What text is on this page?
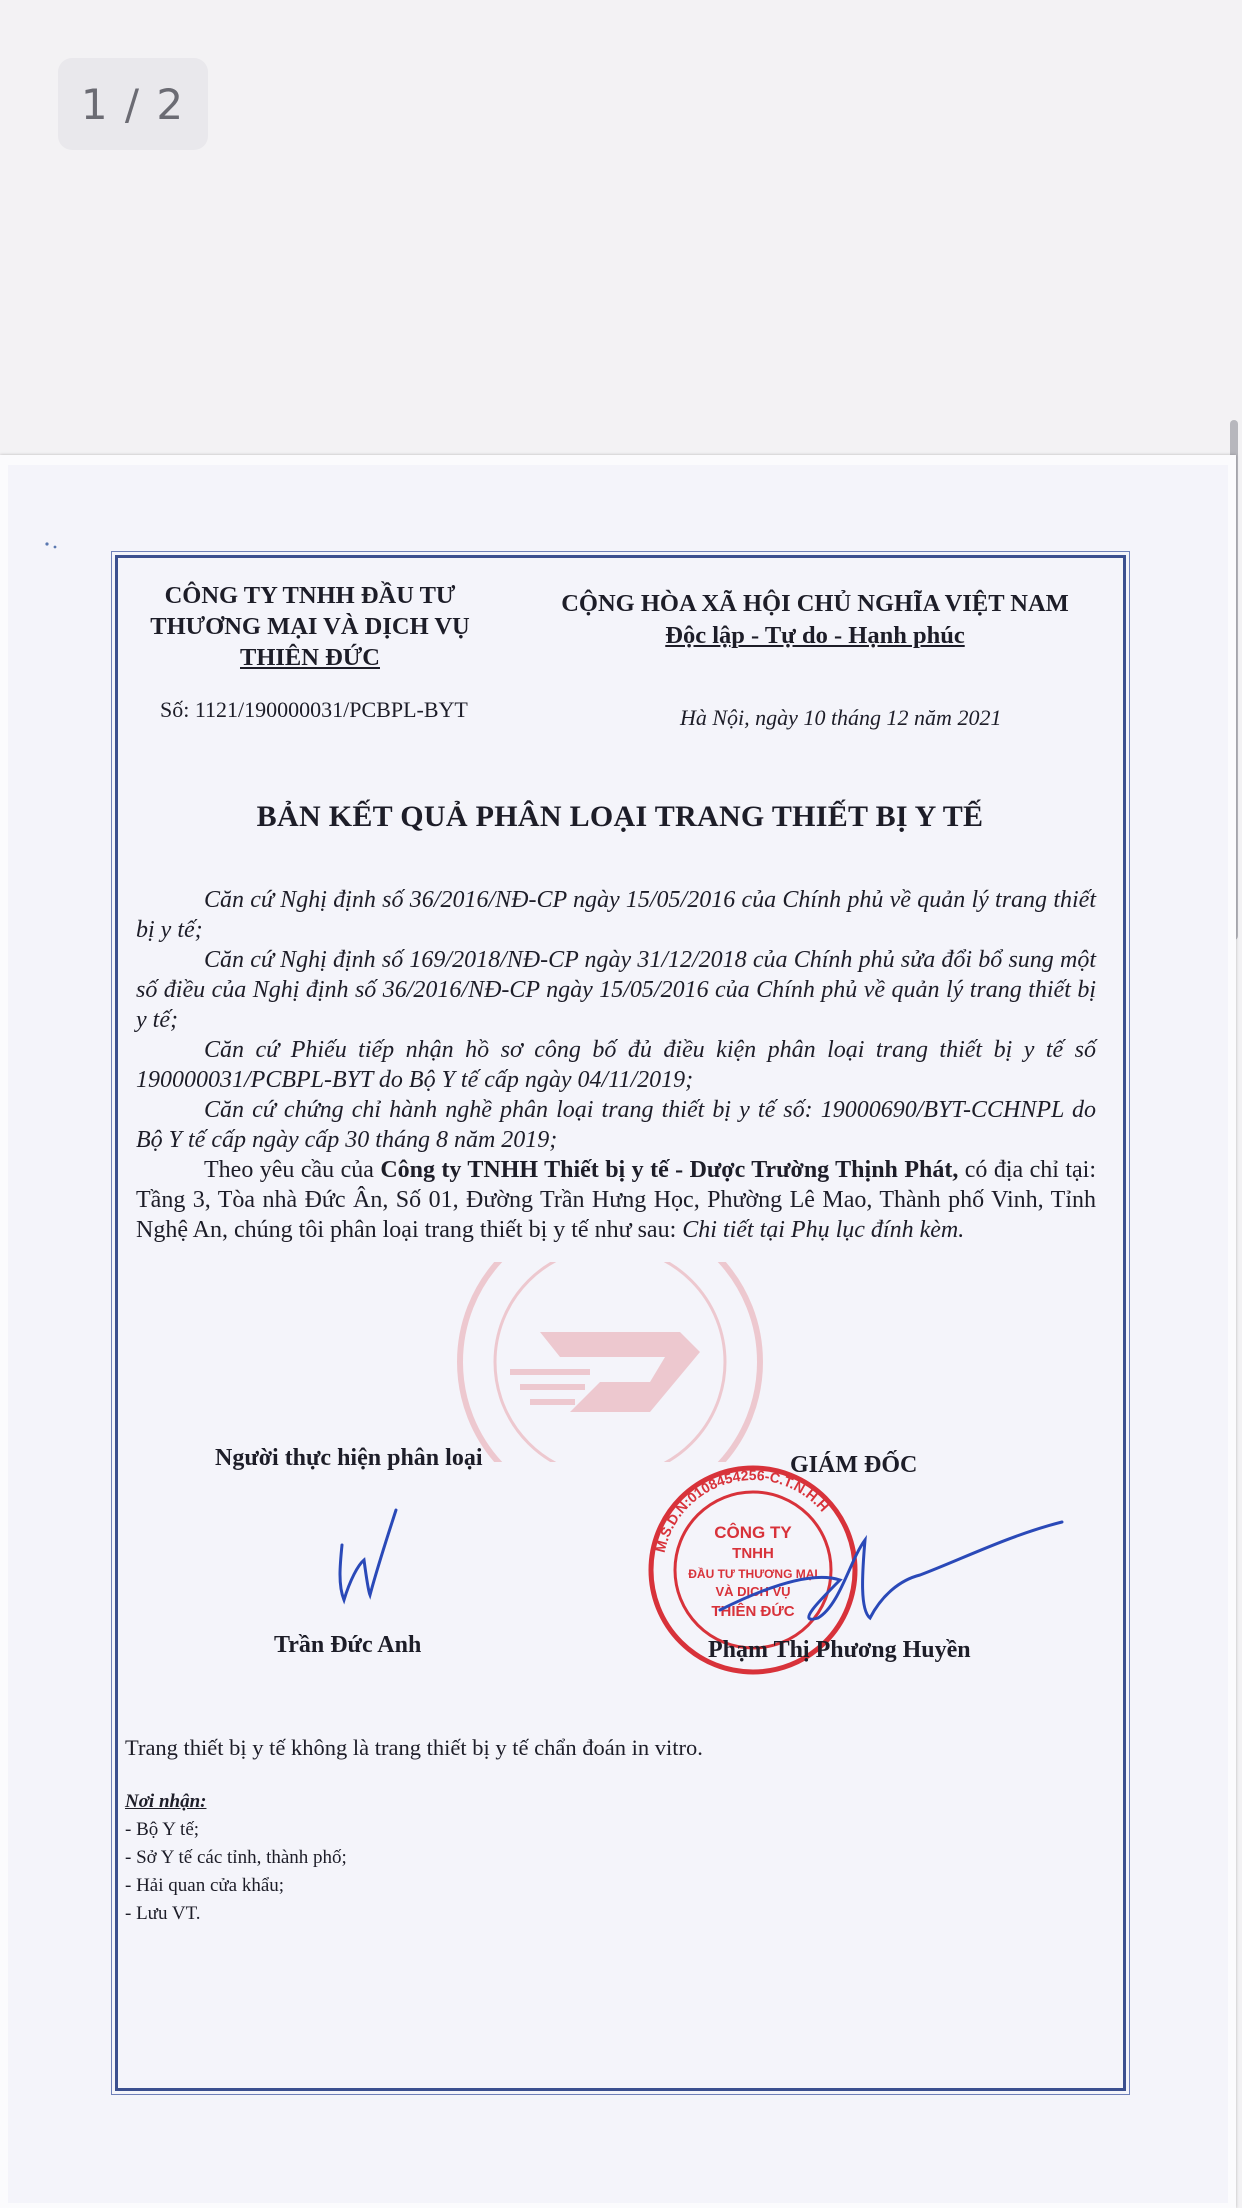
1 / 2
CÔNG TY TNHH ĐẦU TƯ
THƯƠNG MẠI VÀ DỊCH VỤ
THIÊN ĐỨC
CỘNG HÒA XÃ HỘI CHỦ NGHĨA VIỆT NAM
Độc lập - Tự do - Hạnh phúc
Số: 1121/190000031/PCBPL-BYT	Hà Nội, ngày 10 tháng 12 năm 2021
BẢN KẾT QUẢ PHÂN LOẠI TRANG THIẾT BỊ Y TẾ

Căn cứ Nghị định số 36/2016/NĐ-CP ngày 15/05/2016 của Chính phủ về quản lý trang thiết bị y tế;

Căn cứ Nghị định số 169/2018/NĐ-CP ngày 31/12/2018 của Chính phủ sửa đổi bổ sung một số điều của Nghị định số 36/2016/NĐ-CP ngày 15/05/2016 của Chính phủ về quản lý trang thiết bị y tế;

Căn cứ Phiếu tiếp nhận hồ sơ công bố đủ điều kiện phân loại trang thiết bị y tế số 190000031/PCBPL-BYT do Bộ Y tế cấp ngày 04/11/2019;

Căn cứ chứng chỉ hành nghề phân loại trang thiết bị y tế số: 19000690/BYT-CCHNPL do Bộ Y tế cấp ngày cấp 30 tháng 8 năm 2019;

Theo yêu cầu của Công ty TNHH Thiết bị y tế - Dược Trường Thịnh Phát, có địa chỉ tại: Tầng 3, Tòa nhà Đức Ân, Số 01, Đường Trần Hưng Học, Phường Lê Mao, Thành phố Vinh, Tỉnh Nghệ An, chúng tôi phân loại trang thiết bị y tế như sau: Chi tiết tại Phụ lục đính kèm.

Người thực hiện phân loại	GIÁM ĐỐC
M.S.D.N:0108454256-C.T.N.H.H
CÔNG TY
TNHH
ĐẦU TƯ THƯƠNG MẠI
VÀ DỊCH VỤ
THIÊN ĐỨC
Trần Đức Anh	Phạm Thị Phương Huyền
Trang thiết bị y tế không là trang thiết bị y tế chẩn đoán in vitro.
Nơi nhận:
- Bộ Y tế;
- Sở Y tế các tỉnh, thành phố;
- Hải quan cửa khẩu;
- Lưu VT.
